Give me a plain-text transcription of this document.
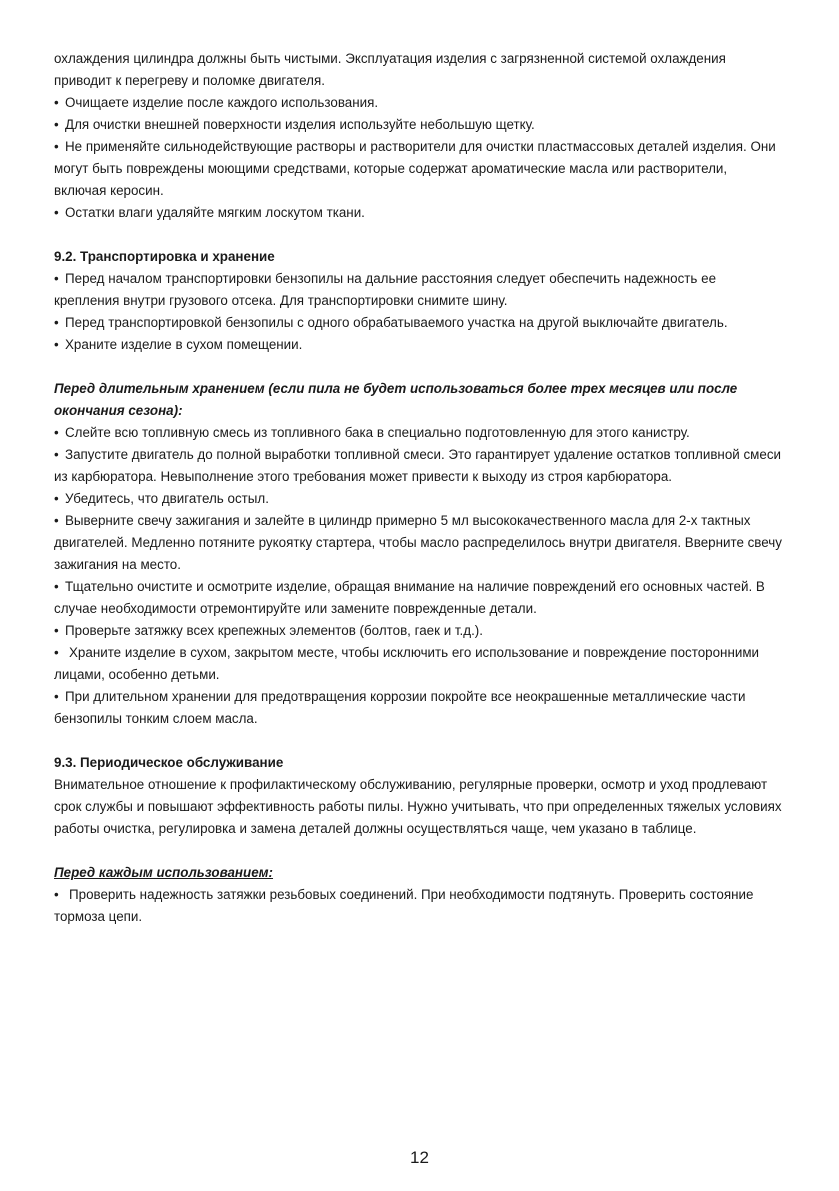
охлаждения цилиндра должны быть чистыми. Эксплуатация изделия с загрязненной системой охлаждения приводит к перегреву и поломке двигателя.

• Очищаете изделие после каждого использования.

• Для очистки внешней поверхности изделия используйте небольшую щетку.

• Не применяйте сильнодействующие растворы и растворители для очистки пластмассовых деталей изделия. Они могут быть повреждены моющими средствами, которые содержат ароматические масла или растворители, включая керосин.

• Остатки влаги удаляйте мягким лоскутом ткани.

9.2. Транспортировка и хранение

• Перед началом транспортировки бензопилы на дальние расстояния следует обеспечить надежность ее крепления внутри грузового отсека. Для транспортировки снимите шину.

• Перед транспортировкой бензопилы с одного обрабатываемого участка на другой выключайте двигатель.

• Храните изделие в сухом помещении.

Перед длительным хранением (если пила не будет использоваться более трех месяцев или после окончания сезона):

• Слейте всю топливную смесь из топливного бака в специально подготовленную для этого канистру.

• Запустите двигатель до полной выработки топливной смеси. Это гарантирует удаление остатков топливной смеси из карбюратора. Невыполнение этого требования может привести к выходу из строя карбюратора.

• Убедитесь, что двигатель остыл.

• Выверните свечу зажигания и залейте в цилиндр примерно 5 мл высококачественного масла для 2-х тактных двигателей. Медленно потяните рукоятку стартера, чтобы масло распределилось внутри двигателя. Вверните свечу зажигания на место.

• Тщательно очистите и осмотрите изделие, обращая внимание на наличие повреждений его основных частей. В случае необходимости отремонтируйте или замените поврежденные детали.

• Проверьте затяжку всех крепежных элементов (болтов, гаек и т.д.).

• Храните изделие в сухом, закрытом месте, чтобы исключить его использование и повреждение посторонними лицами, особенно детьми.

• При длительном хранении для предотвращения коррозии покройте все неокрашенные металлические части бензопилы тонким слоем масла.

9.3. Периодическое обслуживание

Внимательное отношение к профилактическому обслуживанию, регулярные проверки, осмотр и уход продлевают срок службы и повышают эффективность работы пилы. Нужно учитывать, что при определенных тяжелых условиях работы очистка, регулировка и замена деталей должны осуществляться чаще, чем указано в таблице.

Перед каждым использованием:

• Проверить надежность затяжки резьбовых соединений. При необходимости подтянуть. Проверить состояние тормоза цепи.

12
